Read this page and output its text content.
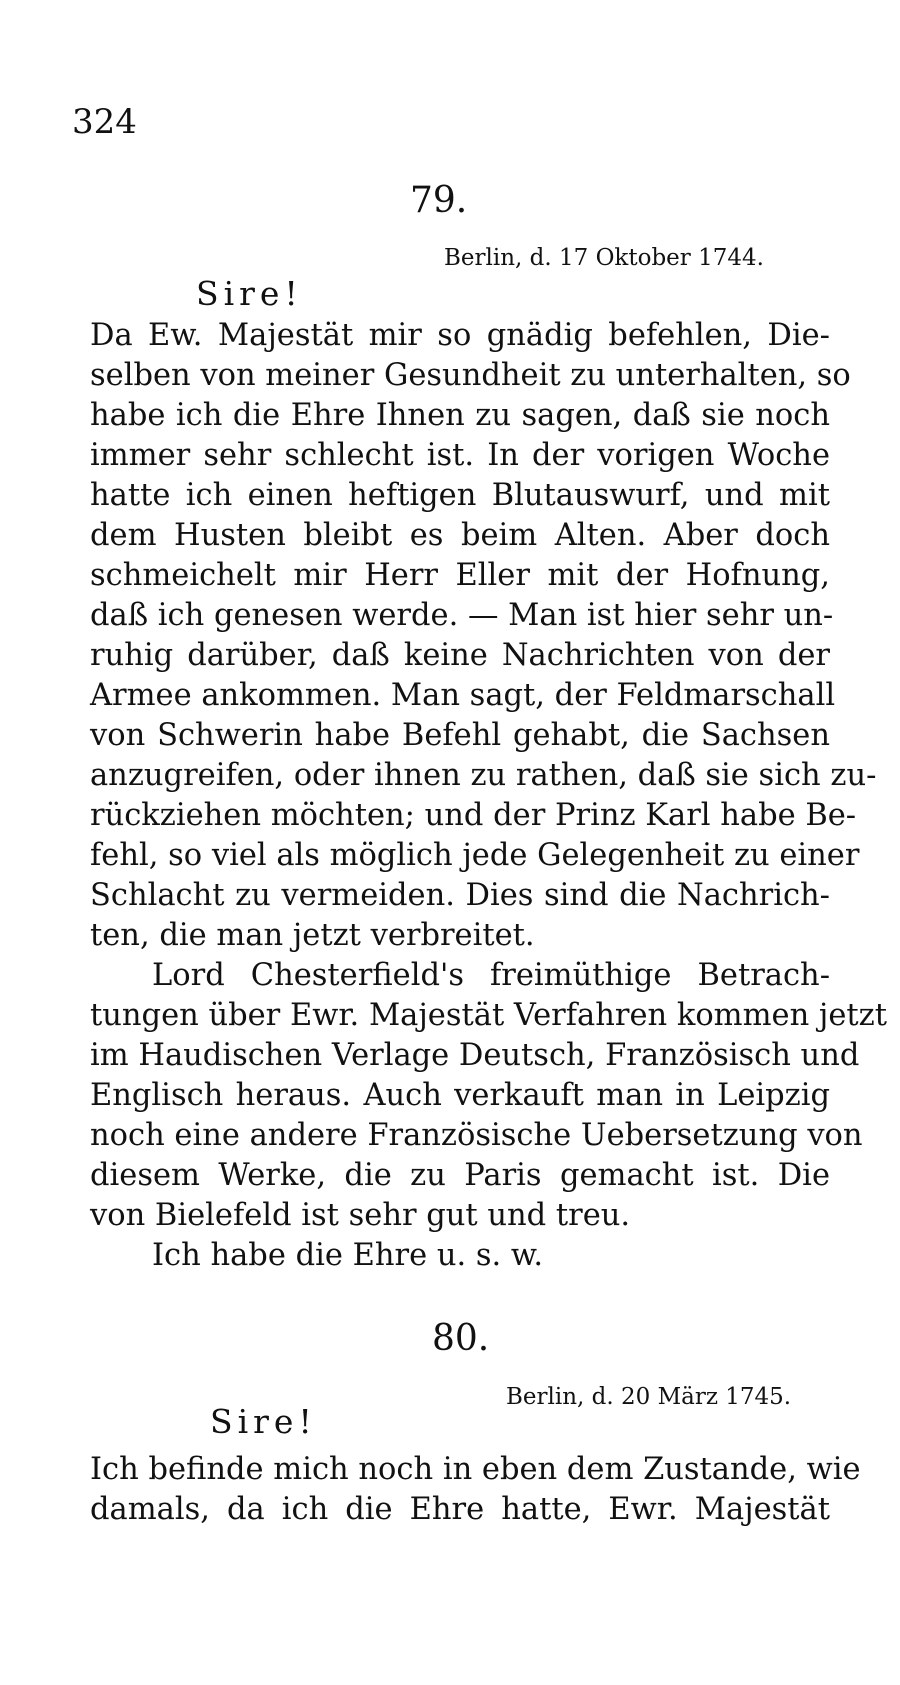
324
79.
Berlin, d. 17 Oktober 1744.
Sire!
Da Ew. Majestät mir so gnädig befehlen, Die-
selben von meiner Gesundheit zu unterhalten, so
habe ich die Ehre Ihnen zu sagen, daß sie noch
immer sehr schlecht ist. In der vorigen Woche
hatte ich einen heftigen Blutauswurf, und mit
dem Husten bleibt es beim Alten. Aber doch
schmeichelt mir Herr Eller mit der Hofnung,
daß ich genesen werde. — Man ist hier sehr un-
ruhig darüber, daß keine Nachrichten von der
Armee ankommen. Man sagt, der Feldmarschall
von Schwerin habe Befehl gehabt, die Sachsen
anzugreifen, oder ihnen zu rathen, daß sie sich zu-
rückziehen möchten; und der Prinz Karl habe Be-
fehl, so viel als möglich jede Gelegenheit zu einer
Schlacht zu vermeiden. Dies sind die Nachrich-
ten, die man jetzt verbreitet.
Lord Chesterfield's freimüthige Betrach-
tungen über Ewr. Majestät Verfahren kommen jetzt
im Haudischen Verlage Deutsch, Französisch und
Englisch heraus. Auch verkauft man in Leipzig
noch eine andere Französische Uebersetzung von
diesem Werke, die zu Paris gemacht ist. Die
von Bielefeld ist sehr gut und treu.
Ich habe die Ehre u. s. w.
80.
Berlin, d. 20 März 1745.
Sire!
Ich befinde mich noch in eben dem Zustande, wie
damals, da ich die Ehre hatte, Ewr. Majestät
